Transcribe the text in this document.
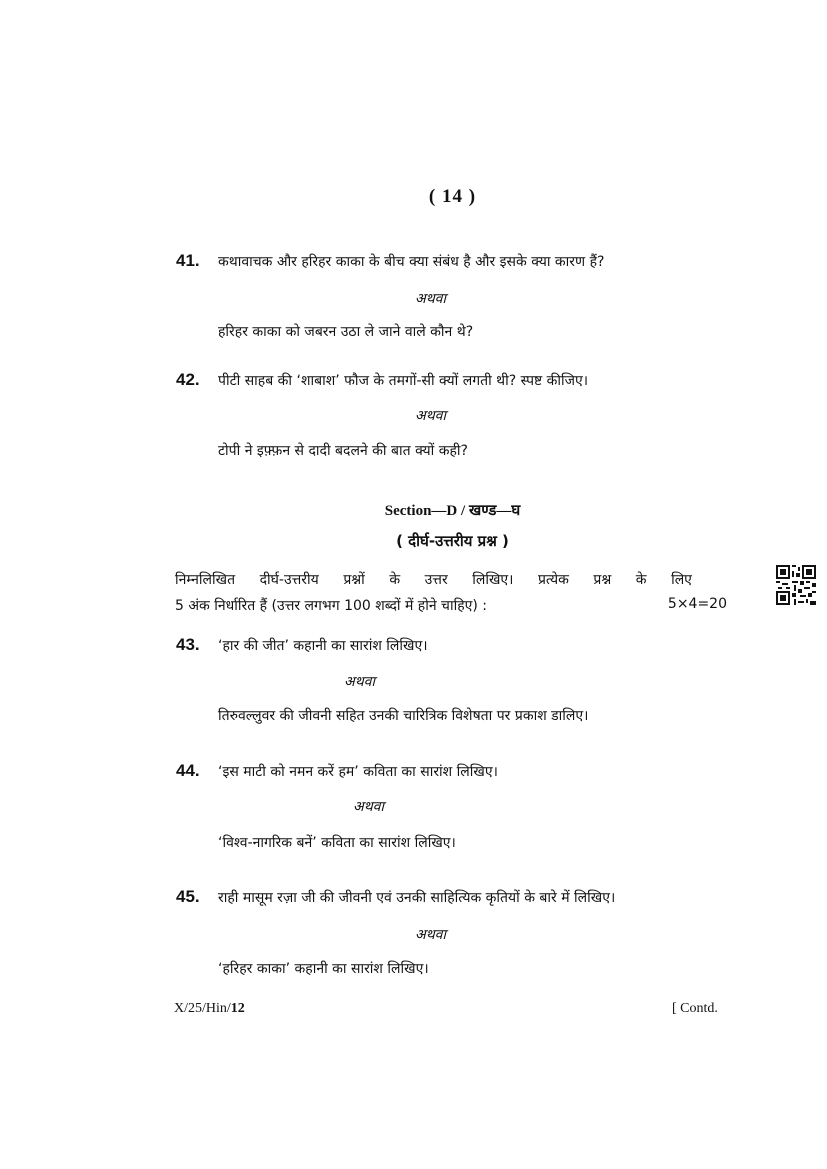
( 14 )
41. कथावाचक और हरिहर काका के बीच क्या संबंध है और इसके क्या कारण हैं?
अथवा
हरिहर काका को जबरन उठा ले जाने वाले कौन थे?
42. पीटी साहब की ‘शाबाश’ फौज के तमगों-सी क्यों लगती थी? स्पष्ट कीजिए।
अथवा
टोपी ने इफ़्फ़न से दादी बदलने की बात क्यों कही?
Section—D / खण्ड—घ
( दीर्घ-उत्तरीय प्रश्न )
निम्नलिखित दीर्घ-उत्तरीय प्रश्नों के उत्तर लिखिए। प्रत्येक प्रश्न के लिए
5 अंक निर्धारित हैं (उत्तर लगभग 100 शब्दों में होने चाहिए) :	5×4=20
43. ‘हार की जीत’ कहानी का सारांश लिखिए।
अथवा
तिरुवल्लुवर की जीवनी सहित उनकी चारित्रिक विशेषता पर प्रकाश डालिए।
44. ‘इस माटी को नमन करें हम’ कविता का सारांश लिखिए।
अथवा
‘विश्व-नागरिक बनें’ कविता का सारांश लिखिए।
45. राही मासूम रज़ा जी की जीवनी एवं उनकी साहित्यिक कृतियों के बारे में लिखिए।
अथवा
‘हरिहर काका’ कहानी का सारांश लिखिए।
X/25/Hin/12	[ Contd.
